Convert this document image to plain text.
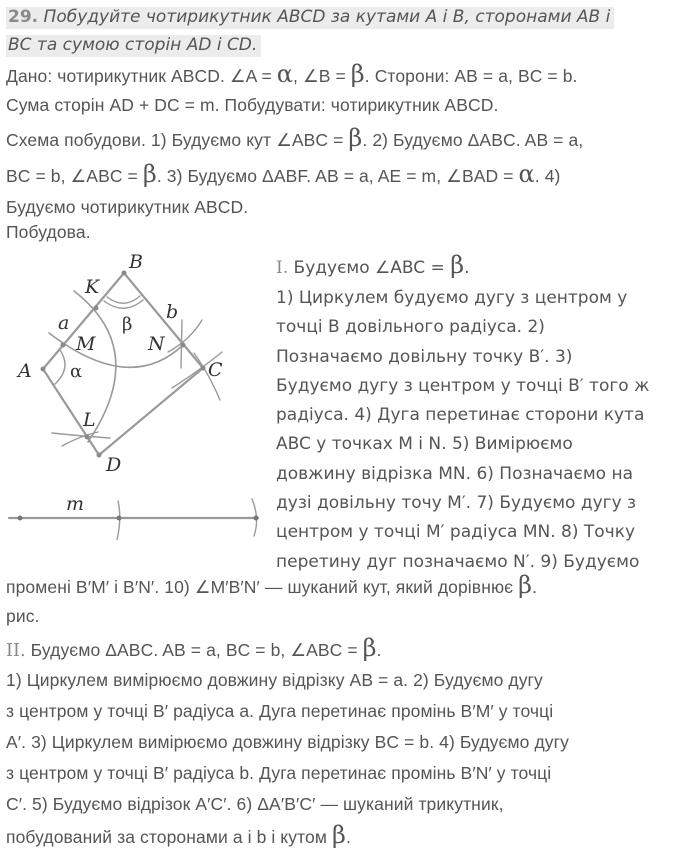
29. Побудуйте чотирикутник ABCD за кутами A і B, сторонами AB і
BC та сумою сторін AD і CD.
Дано: чотирикутник ABCD. ∠A = α, ∠B = β. Сторони: AB = a, BC = b.
Сума сторін AD + DC = m. Побудувати: чотирикутник ABCD.
Схема побудови. 1) Будуємо кут ∠ABC = β. 2) Будуємо ΔABC. AB = a,
BC = b, ∠ABC = β. 3) Будуємо ΔABF. AB = a, AE = m, ∠BAD = α. 4)
Будуємо чотирикутник ABCD.
Побудова.
B
K
a
M
β
b
N
A α	C
L
D
m
I. Будуємо ∠ABC = β.
1) Циркулем будуємо дугу з центром у
точці B довільного радіуса. 2)
Позначаємо довільну точку B′. 3)
Будуємо дугу з центром у точці B′ того ж
радіуса. 4) Дуга перетинає сторони кута
ABC у точках M і N. 5) Вимірюємо
довжину відрізка MN. 6) Позначаємо на
дузі довільну точу M′. 7) Будуємо дугу з
центром у точці M′ радіуса MN. 8) Точку
перетину дуг позначаємо N′. 9) Будуємо
промені B′M′ і B′N′. 10) ∠M′B′N′ — шуканий кут, який дорівнює β.
рис.
II. Будуємо ΔABC. AB = a, BC = b, ∠ABC = β.
1) Циркулем вимірюємо довжину відрізку AB = a. 2) Будуємо дугу
з центром у точці B′ радіуса a. Дуга перетинає промінь B′M′ у точці
A′. 3) Циркулем вимірюємо довжину відрізку BC = b. 4) Будуємо дугу
з центром у точці B′ радіуса b. Дуга перетинає промінь B′N′ у точці
C′. 5) Будуємо відрізок A′C′. 6) ΔA′B′C′ — шуканий трикутник,
побудований за сторонами a і b і кутом β.
